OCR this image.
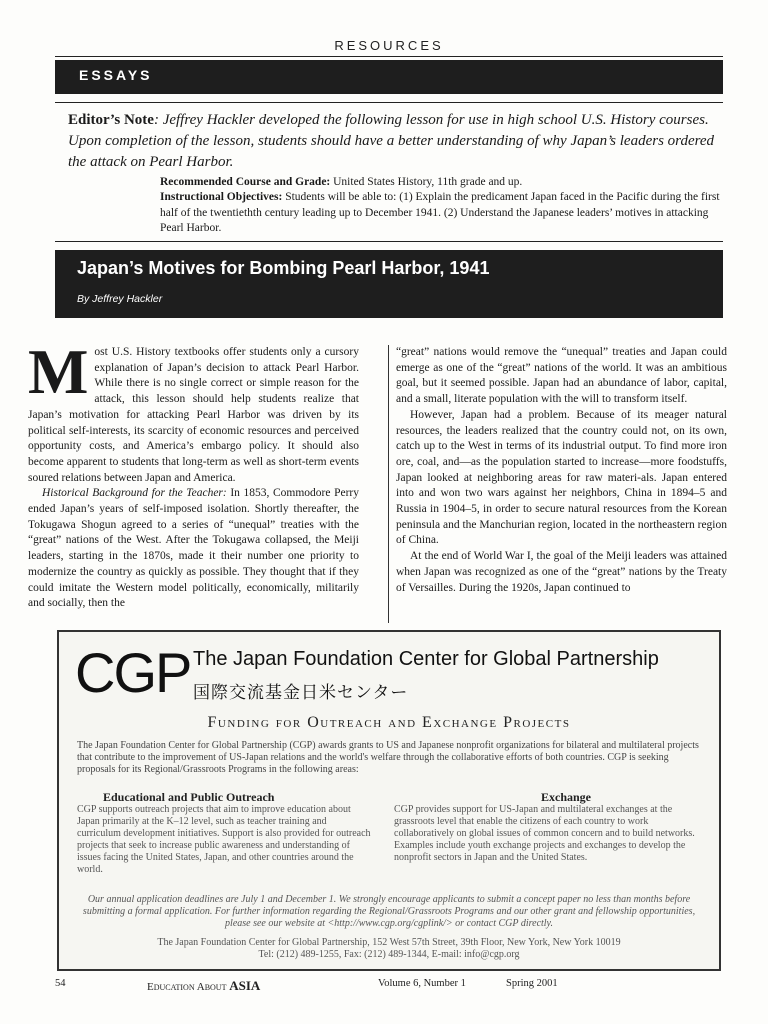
RESOURCES
ESSAYS
Editor’s Note: Jeffrey Hackler developed the following lesson for use in high school U.S. History courses. Upon completion of the lesson, students should have a better understanding of why Japan’s leaders ordered the attack on Pearl Harbor.
Recommended Course and Grade: United States History, 11th grade and up.
Instructional Objectives: Students will be able to: (1) Explain the predicament Japan faced in the Pacific during the first half of the twentiethth century leading up to December 1941. (2) Understand the Japanese leaders’ motives in attacking Pearl Harbor.
Japan’s Motives for Bombing Pearl Harbor, 1941
By Jeffrey Hackler

Most U.S. History textbooks offer students only a cursory explanation of Japan’s decision to attack Pearl Harbor. While there is no single correct or simple reason for the attack, this lesson should help students realize that Japan’s motivation for attacking Pearl Harbor was driven by its political self-interests, its scarcity of economic resources and perceived opportunity costs, and America’s embargo policy. It should also become apparent to students that long-term as well as short-term events soured relations between Japan and America.

Historical Background for the Teacher: In 1853, Commodore Perry ended Japan’s years of self-imposed isolation. Shortly thereafter, the Tokugawa Shogun agreed to a series of “unequal” treaties with the “great” nations of the West. After the Tokugawa collapsed, the Meiji leaders, starting in the 1870s, made it their number one priority to modernize the country as quickly as possible. They thought that if they could imitate the Western model politically, economically, militarily and socially, then the

“great” nations would remove the “unequal” treaties and Japan could emerge as one of the “great” nations of the world. It was an ambitious goal, but it seemed possible. Japan had an abundance of labor, capital, and a small, literate population with the will to transform itself.

However, Japan had a problem. Because of its meager natural resources, the leaders realized that the country could not, on its own, catch up to the West in terms of its industrial output. To find more iron ore, coal, and—as the population started to increase—more foodstuffs, Japan looked at neighboring areas for raw materi-als. Japan entered into and won two wars against her neighbors, China in 1894–5 and Russia in 1904–5, in order to secure natural resources from the Korean peninsula and the Manchurian region, located in the northeastern region of China.

At the end of World War I, the goal of the Meiji leaders was attained when Japan was recognized as one of the “great” nations by the Treaty of Versailles. During the 1920s, Japan continued to

CGP The Japan Foundation Center for Global Partnership
国際交流基金日米センター
Funding for Outreach and Exchange Projects
The Japan Foundation Center for Global Partnership (CGP) awards grants to US and Japanese nonprofit organizations for bilateral and multilateral projects that contribute to the improvement of US-Japan relations and the world's welfare through the collaborative efforts of both countries. CGP is seeking proposals for its Regional/Grassroots Programs in the following areas:
Educational and Public Outreach
CGP supports outreach projects that aim to improve education about Japan primarily at the K–12 level, such as teacher training and curriculum development initiatives. Support is also provided for outreach projects that seek to increase public awareness and understanding of issues facing the United States, Japan, and other countries around the world.
Exchange
CGP provides support for US-Japan and multilateral exchanges at the grassroots level that enable the citizens of each country to work collaboratively on global issues of common concern and to build networks. Examples include youth exchange projects and exchanges to develop the nonprofit sectors in Japan and the United States.
Our annual application deadlines are July 1 and December 1. We strongly encourage applicants to submit a concept paper no less than months before submitting a formal application. For further information regarding the Regional/Grassroots Programs and our other grant and fellowship opportunities, please see our website at <http://www.cgp.org/cgplink/> or contact CGP directly.
The Japan Foundation Center for Global Partnership, 152 West 57th Street, 39th Floor, New York, New York 10019
Tel: (212) 489-1255, Fax: (212) 489-1344, E-mail: info@cgp.org
54	Education About ASIA	Volume 6, Number 1	Spring 2001
